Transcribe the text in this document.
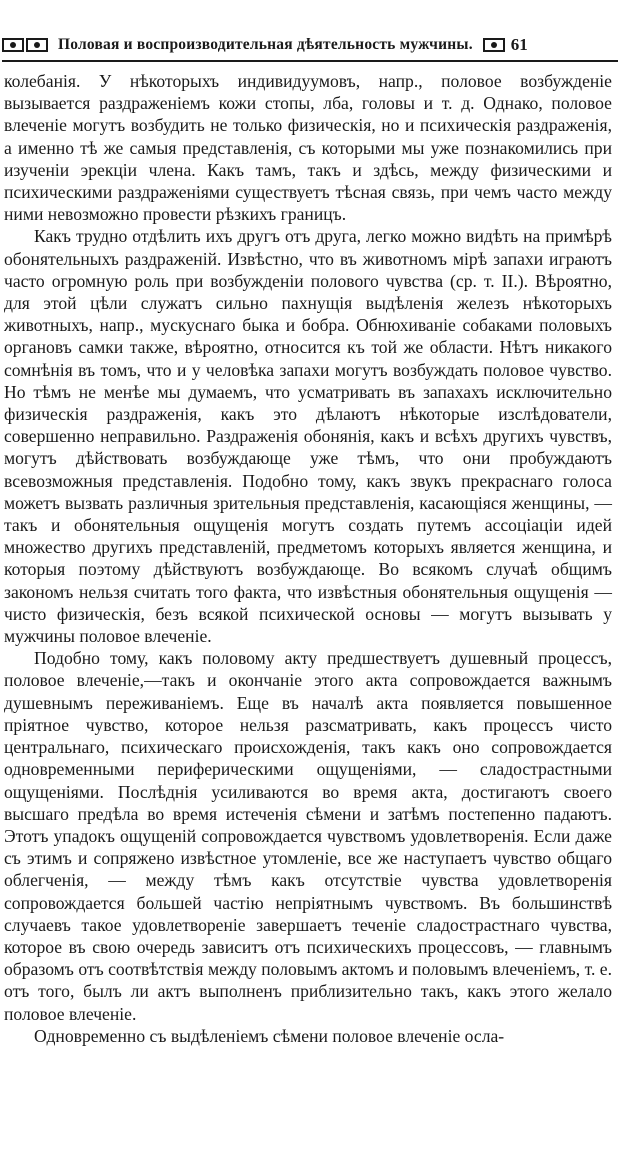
Половая и воспроизводительная дѣятельность мужчины. 61

колебанія. У нѣкоторыхъ индивидуумовъ, напр., половое возбужденіе вызывается раздраженіемъ кожи стопы, лба, головы и т. д. Однако, половое влеченіе могутъ возбудить не только физическія, но и психическія раздраженія, а именно тѣ же самыя представленія, съ которыми мы уже познакомились при изученіи эрекціи члена. Какъ тамъ, такъ и здѣсь, между физическими и психическими раздраженіями существуетъ тѣсная связь, при чемъ часто между ними невозможно провести рѣзкихъ границъ.

Какъ трудно отдѣлить ихъ другъ отъ друга, легко можно видѣть на примѣрѣ обонятельныхъ раздраженій. Извѣстно, что въ животномъ мірѣ запахи играютъ часто огромную роль при возбужденіи полового чувства (ср. т. II.). Вѣроятно, для этой цѣли служатъ сильно пахнущія выдѣленія железъ нѣкоторыхъ животныхъ, напр., мускуснаго быка и бобра. Обнюхиваніе собаками половыхъ органовъ самки также, вѣроятно, относится къ той же области. Нѣтъ никакого сомнѣнія въ томъ, что и у человѣка запахи могутъ возбуждать половое чувство. Но тѣмъ не менѣе мы думаемъ, что усматривать въ запахахъ исключительно физическія раздраженія, какъ это дѣлаютъ нѣкоторые изслѣдователи, совершенно неправильно. Раздраженія обонянія, какъ и всѣхъ другихъ чувствъ, могутъ дѣйствовать возбуждающе уже тѣмъ, что они пробуждаютъ всевозможныя представленія. Подобно тому, какъ звукъ прекраснаго голоса можетъ вызвать различныя зрительныя представленія, касающіяся женщины, — такъ и обонятельныя ощущенія могутъ создать путемъ ассоціаціи идей множество другихъ представленій, предметомъ которыхъ является женщина, и которыя поэтому дѣйствуютъ возбуждающе. Во всякомъ случаѣ общимъ закономъ нельзя считать того факта, что извѣстныя обонятельныя ощущенія — чисто физическія, безъ всякой психической основы — могутъ вызывать у мужчины половое влеченіе.

Подобно тому, какъ половому акту предшествуетъ душевный процессъ, половое влеченіе,—такъ и окончаніе этого акта сопровождается важнымъ душевнымъ переживаніемъ. Еще въ началѣ акта появляется повышенное пріятное чувство, которое нельзя разсматривать, какъ процессъ чисто центральнаго, психическаго происхожденія, такъ какъ оно сопровождается одновременными периферическими ощущеніями, — сладострастными ощущеніями. Послѣднія усиливаются во время акта, достигаютъ своего высшаго предѣла во время истеченія сѣмени и затѣмъ постепенно падаютъ. Этотъ упадокъ ощущеній сопровождается чувствомъ удовлетворенія. Если даже съ этимъ и сопряжено извѣстное утомленіе, все же наступаетъ чувство общаго облегченія, — между тѣмъ какъ отсутствіе чувства удовлетворенія сопровождается большей частію непріятнымъ чувствомъ. Въ большинствѣ случаевъ такое удовлетвореніе завершаетъ теченіе сладострастнаго чувства, которое въ свою очередь зависитъ отъ психическихъ процессовъ, — главнымъ образомъ отъ соотвѣтствія между половымъ актомъ и половымъ влеченіемъ, т. е. отъ того, былъ ли актъ выполненъ приблизительно такъ, какъ этого желало половое влеченіе.

Одновременно съ выдѣленіемъ сѣмени половое влеченіе осла-
